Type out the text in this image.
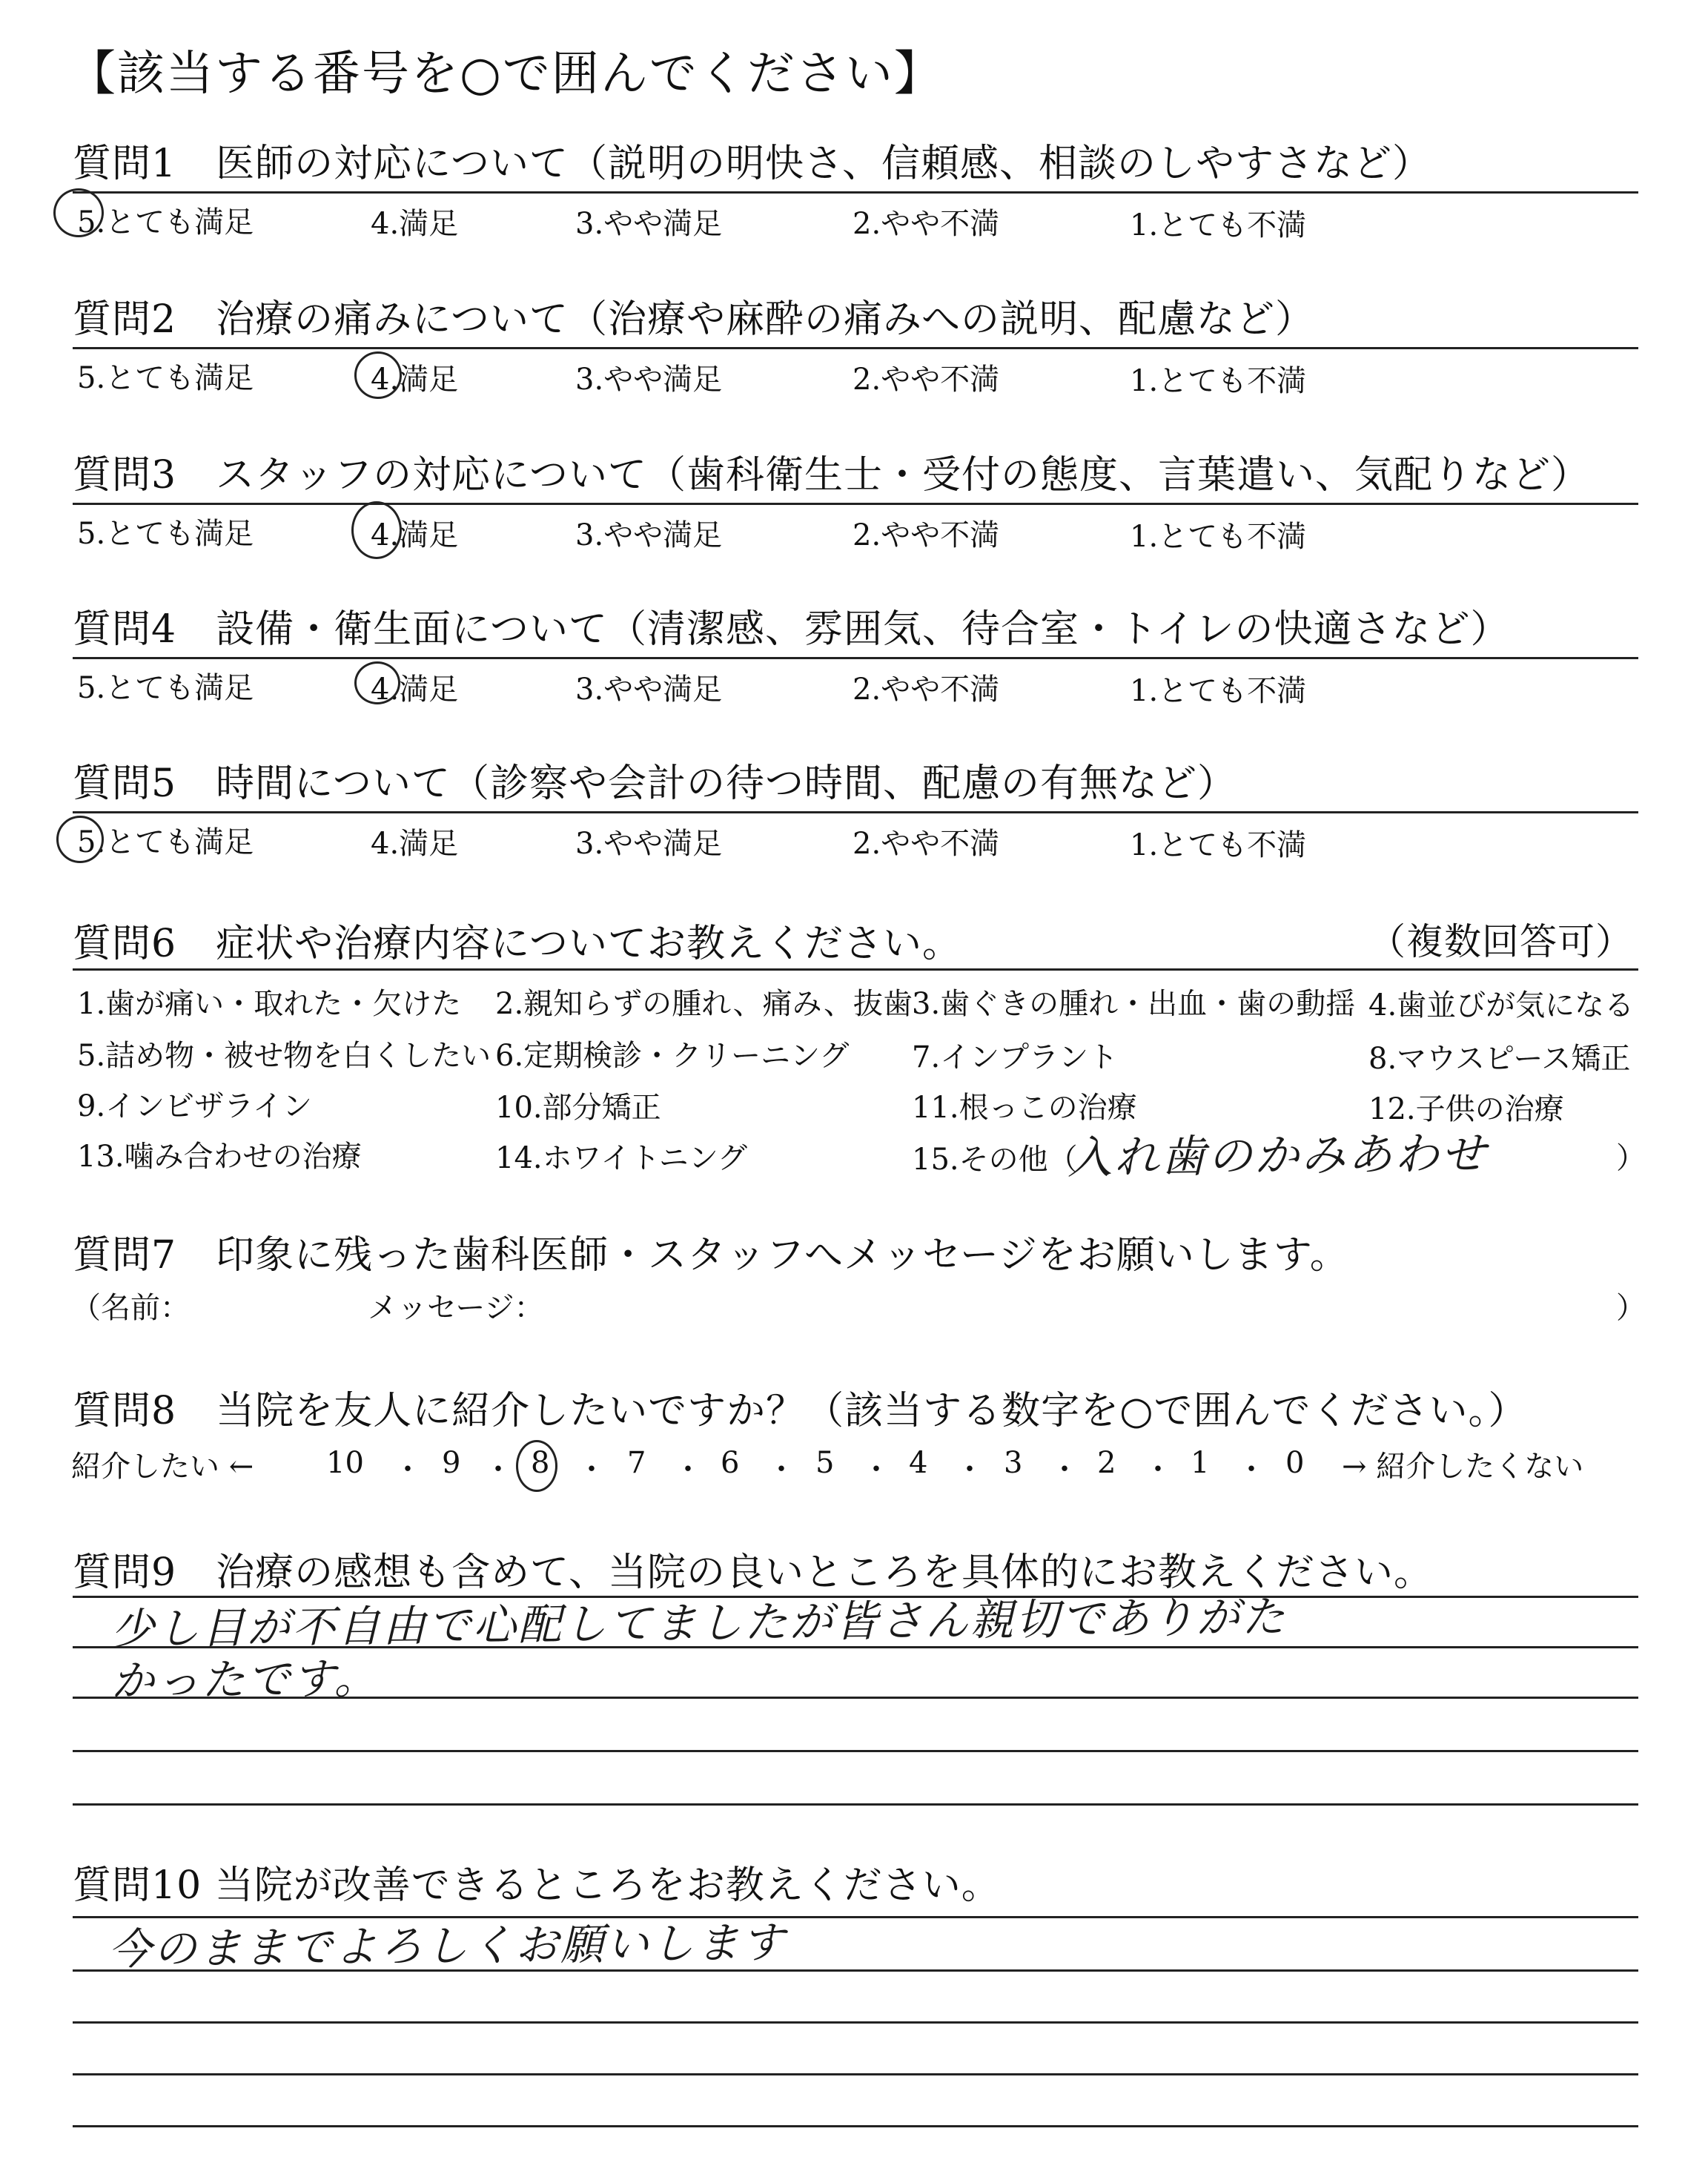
【該当する番号を○で囲んでください】
質問1　医師の対応について（説明の明快さ、信頼感、相談のしやすさなど）
5.とても満足	4.満足	3.やや満足	2.やや不満	1.とても不満
質問2　治療の痛みについて（治療や麻酔の痛みへの説明、配慮など）
5.とても満足	4.満足	3.やや満足	2.やや不満	1.とても不満
質問3　スタッフの対応について（歯科衛生士・受付の態度、言葉遣い、気配りなど）
5.とても満足	4.満足	3.やや満足	2.やや不満	1.とても不満
質問4　設備・衛生面について（清潔感、雰囲気、待合室・トイレの快適さなど）
5.とても満足	4.満足	3.やや満足	2.やや不満	1.とても不満
質問5　時間について（診察や会計の待つ時間、配慮の有無など）
5.とても満足	4.満足	3.やや満足	2.やや不満	1.とても不満
質問6　症状や治療内容についてお教えください。	（複数回答可）
1.歯が痛い・取れた・欠けた 2.親知らずの腫れ、痛み、抜歯 3.歯ぐきの腫れ・出血・歯の動揺 4.歯並びが気になる
5.詰め物・被せ物を白くしたい 6.定期検診・クリーニング 7.インプラント	8.マウスピース矯正
9.インビザライン	10.部分矯正	11.根っこの治療	12.子供の治療
13.噛み合わせの治療	14.ホワイトニング	15.その他（
入れ歯のかみあわせ	）
質問7　印象に残った歯科医師・スタッフへメッセージをお願いします。
（名前：	メッセージ：	）
質問8　当院を友人に紹介したいですか？（該当する数字を○で囲んでください。）
紹介したい ← 10 ・ 9 ・ 8 ・ 7 ・ 6 ・ 5 ・ 4 ・ 3 ・ 2 ・ 1 ・ 0 → 紹介したくない
質問9　治療の感想も含めて、当院の良いところを具体的にお教えください。
少し目が不自由で心配してましたが皆さん親切でありがた
かったです。
質問10 当院が改善できるところをお教えください。
今のままでよろしくお願いします
